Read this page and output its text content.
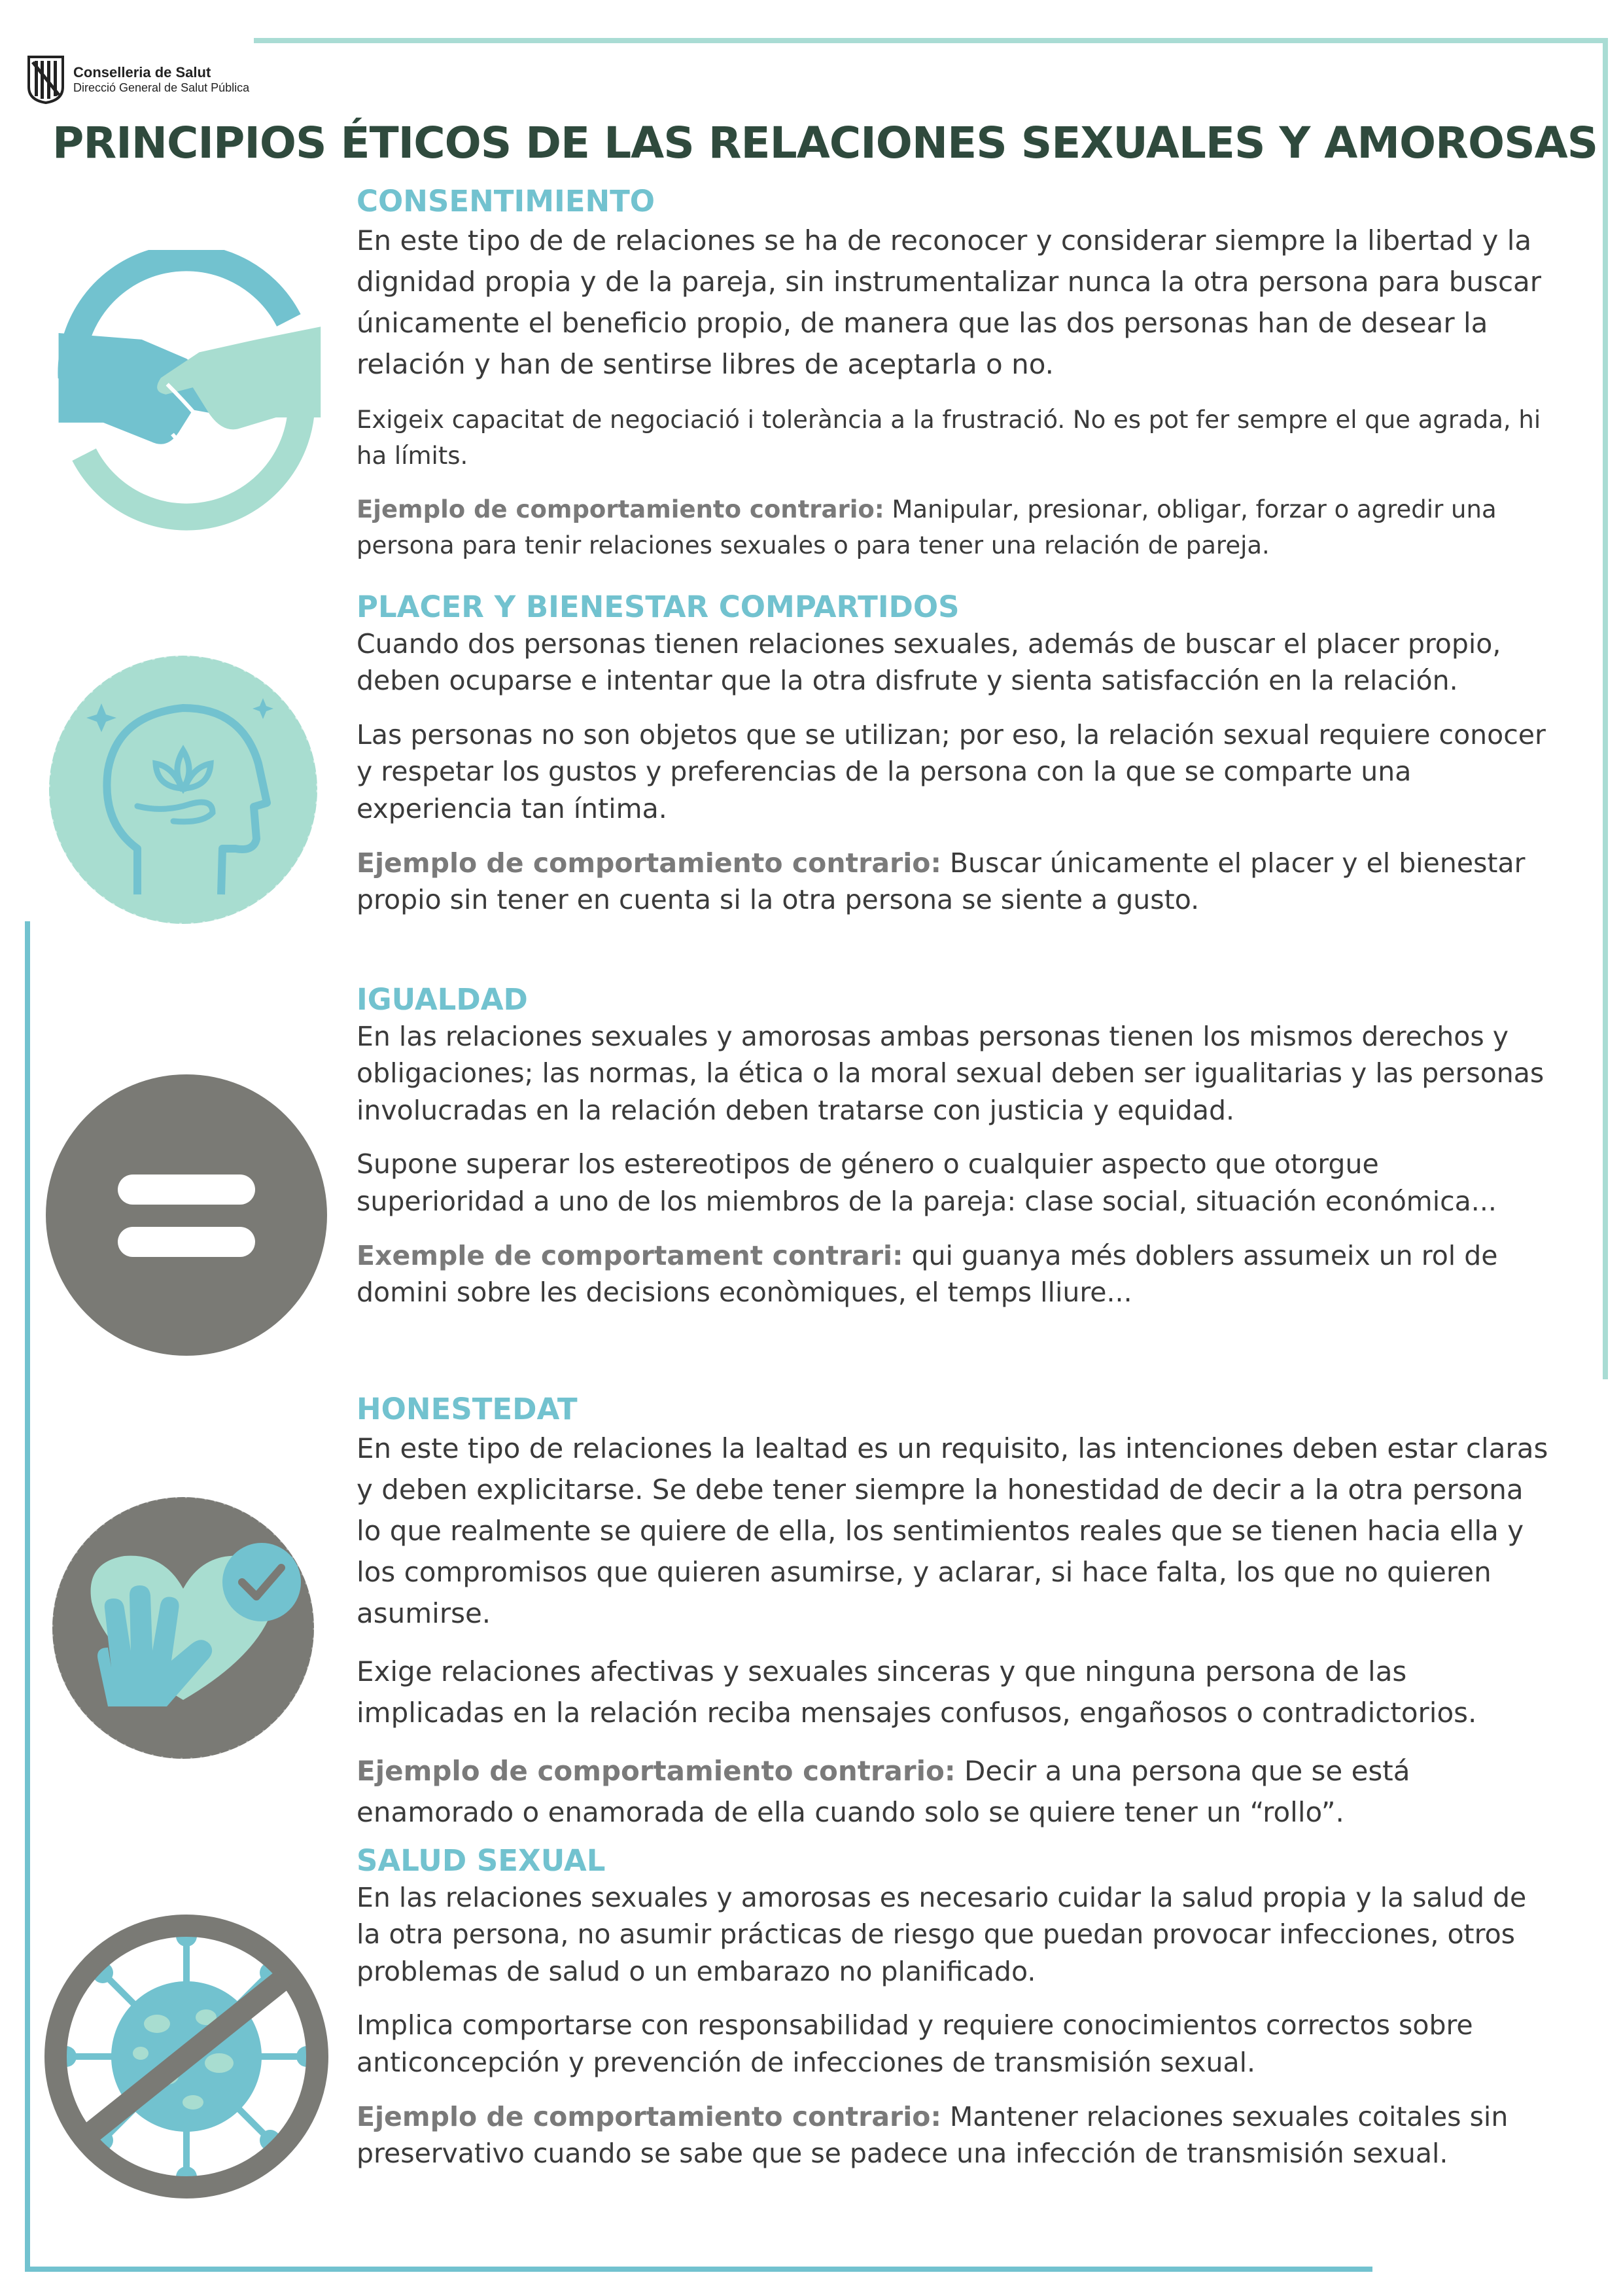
Conselleria de Salut
Direcció General de Salut Pública
PRINCIPIOS ÉTICOS DE LAS RELACIONES SEXUALES Y AMOROSAS
CONSENTIMIENTO

En este tipo de de relaciones se ha de reconocer y considerar siempre la libertad y la dignidad propia y de la pareja, sin instrumentalizar nunca la otra persona para buscar únicamente el beneficio propio, de manera que las dos personas han de desear la relación y han de sentirse libres de aceptarla o no.

Exigeix capacitat de negociació i tolerància a la frustració. No es pot fer sempre el que agrada, hi ha límits.

Ejemplo de comportamiento contrario: Manipular, presionar, obligar, forzar o agredir una persona para tenir relaciones sexuales o para tener una relación de pareja.

PLACER Y BIENESTAR COMPARTIDOS

Cuando dos personas tienen relaciones sexuales, además de buscar el placer propio, deben ocuparse e intentar que la otra disfrute y sienta satisfacción en la relación.

Las personas no son objetos que se utilizan; por eso, la relación sexual requiere conocer y respetar los gustos y preferencias de la persona con la que se comparte una experiencia tan íntima.

Ejemplo de comportamiento contrario: Buscar únicamente el placer y el bienestar propio sin tener en cuenta si la otra persona se siente a gusto.

IGUALDAD

En las relaciones sexuales y amorosas ambas personas tienen los mismos derechos y obligaciones; las normas, la ética o la moral sexual deben ser igualitarias y las personas involucradas en la relación deben tratarse con justicia y equidad.

Supone superar los estereotipos de género o cualquier aspecto que otorgue superioridad a uno de los miembros de la pareja: clase social, situación económica...

Exemple de comportament contrari: qui guanya més doblers assumeix un rol de domini sobre les decisions econòmiques, el temps lliure...

HONESTEDAT

En este tipo de relaciones la lealtad es un requisito, las intenciones deben estar claras y deben explicitarse. Se debe tener siempre la honestidad de decir a la otra persona lo que realmente se quiere de ella, los sentimientos reales que se tienen hacia ella y los compromisos que quieren asumirse, y aclarar, si hace falta, los que no quieren asumirse.

Exige relaciones afectivas y sexuales sinceras y que ninguna persona de las implicadas en la relación reciba mensajes confusos, engañosos o contradictorios.

Ejemplo de comportamiento contrario: Decir a una persona que se está enamorado o enamorada de ella cuando solo se quiere tener un “rollo”.

SALUD SEXUAL

En las relaciones sexuales y amorosas es necesario cuidar la salud propia y la salud de la otra persona, no asumir prácticas de riesgo que puedan provocar infecciones, otros problemas de salud o un embarazo no planificado.

Implica comportarse con responsabilidad y requiere conocimientos correctos sobre anticoncepción y prevención de infecciones de transmisión sexual.

Ejemplo de comportamiento contrario: Mantener relaciones sexuales coitales sin preservativo cuando se sabe que se padece una infección de transmisión sexual.
